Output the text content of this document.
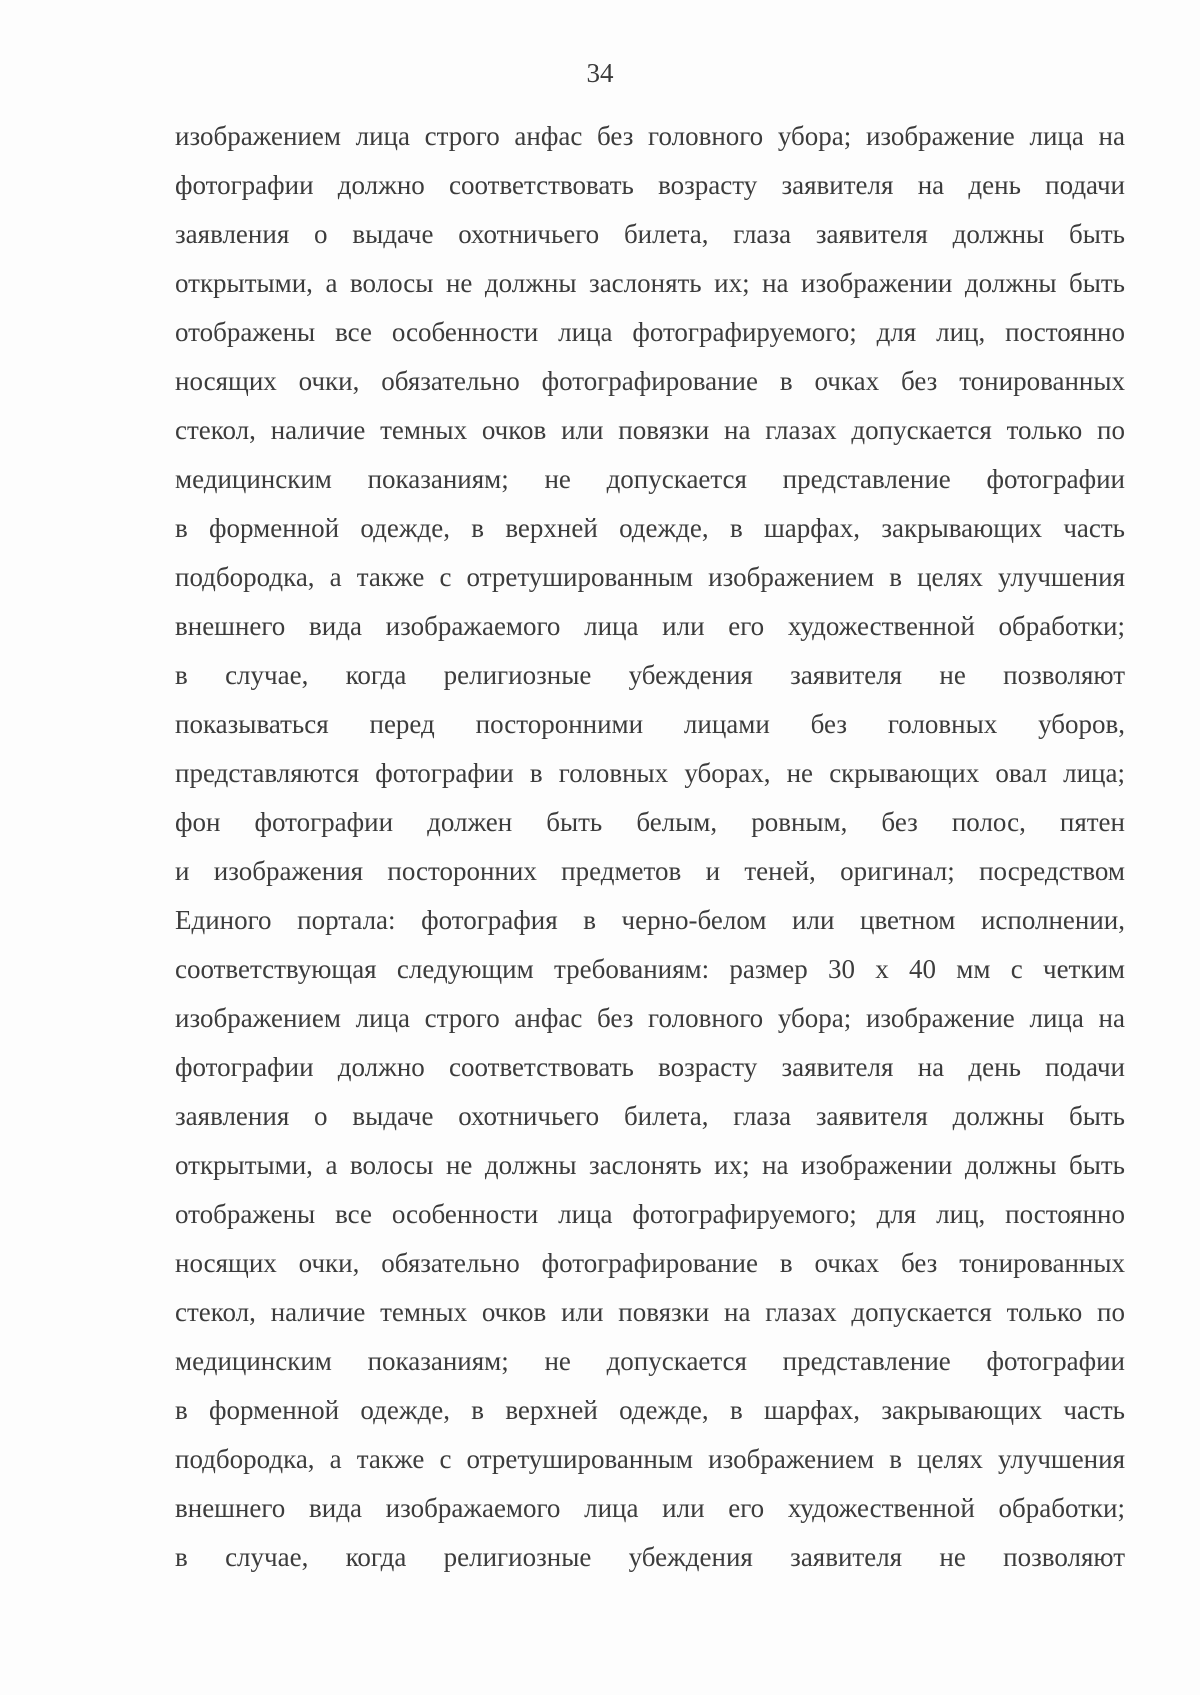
34
изображением лица строго анфас без головного убора; изображение лица на
фотографии должно соответствовать возрасту заявителя на день подачи
заявления о выдаче охотничьего билета, глаза заявителя должны быть
открытыми, а волосы не должны заслонять их; на изображении должны быть
отображены все особенности лица фотографируемого; для лиц, постоянно
носящих очки, обязательно фотографирование в очках без тонированных
стекол, наличие темных очков или повязки на глазах допускается только по
медицинским показаниям; не допускается представление фотографии
в форменной одежде, в верхней одежде, в шарфах, закрывающих часть
подбородка, а также с отретушированным изображением в целях улучшения
внешнего вида изображаемого лица или его художественной обработки;
в случае, когда религиозные убеждения заявителя не позволяют
показываться перед посторонними лицами без головных уборов,
представляются фотографии в головных уборах, не скрывающих овал лица;
фон фотографии должен быть белым, ровным, без полос, пятен
и изображения посторонних предметов и теней, оригинал; посредством
Единого портала: фотография в черно-белом или цветном исполнении,
соответствующая следующим требованиям: размер 30 х 40 мм с четким
изображением лица строго анфас без головного убора; изображение лица на
фотографии должно соответствовать возрасту заявителя на день подачи
заявления о выдаче охотничьего билета, глаза заявителя должны быть
открытыми, а волосы не должны заслонять их; на изображении должны быть
отображены все особенности лица фотографируемого; для лиц, постоянно
носящих очки, обязательно фотографирование в очках без тонированных
стекол, наличие темных очков или повязки на глазах допускается только по
медицинским показаниям; не допускается представление фотографии
в форменной одежде, в верхней одежде, в шарфах, закрывающих часть
подбородка, а также с отретушированным изображением в целях улучшения
внешнего вида изображаемого лица или его художественной обработки;
в случае, когда религиозные убеждения заявителя не позволяют
